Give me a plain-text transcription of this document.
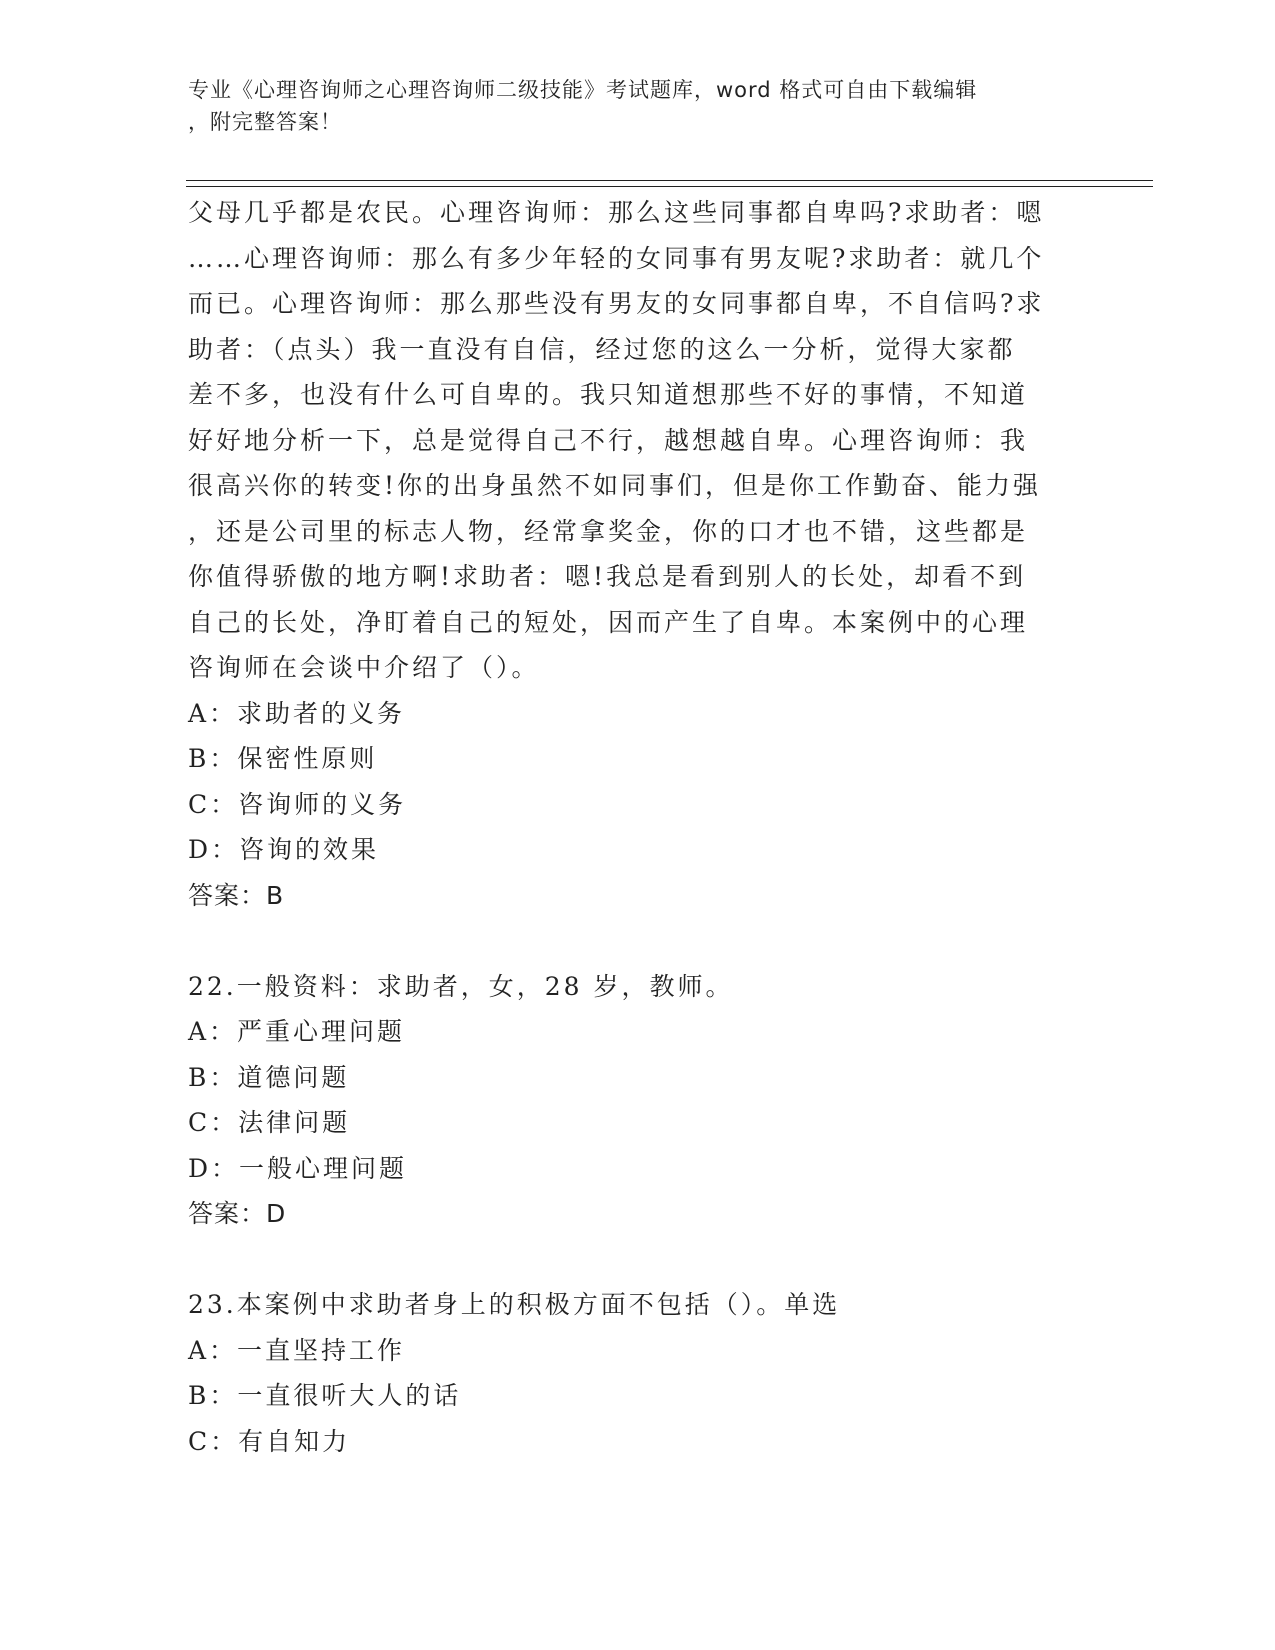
专业《心理咨询师之心理咨询师二级技能》考试题库，word 格式可自由下载编辑
，附完整答案！
父母几乎都是农民。心理咨询师：那么这些同事都自卑吗?求助者：嗯
……心理咨询师：那么有多少年轻的女同事有男友呢?求助者：就几个
而已。心理咨询师：那么那些没有男友的女同事都自卑，不自信吗?求
助者：（点头）我一直没有自信，经过您的这么一分析，觉得大家都
差不多，也没有什么可自卑的。我只知道想那些不好的事情，不知道
好好地分析一下，总是觉得自己不行，越想越自卑。心理咨询师：我
很高兴你的转变!你的出身虽然不如同事们，但是你工作勤奋、能力强
，还是公司里的标志人物，经常拿奖金，你的口才也不错，这些都是
你值得骄傲的地方啊!求助者：嗯!我总是看到别人的长处，却看不到
自己的长处，净盯着自己的短处，因而产生了自卑。本案例中的心理
咨询师在会谈中介绍了（）。
A：求助者的义务
B：保密性原则
C：咨询师的义务
D：咨询的效果
答案：B
22.一般资料：求助者，女，28 岁，教师。
A：严重心理问题
B：道德问题
C：法律问题
D：一般心理问题
答案：D
23.本案例中求助者身上的积极方面不包括（）。单选
A：一直坚持工作
B：一直很听大人的话
C：有自知力
